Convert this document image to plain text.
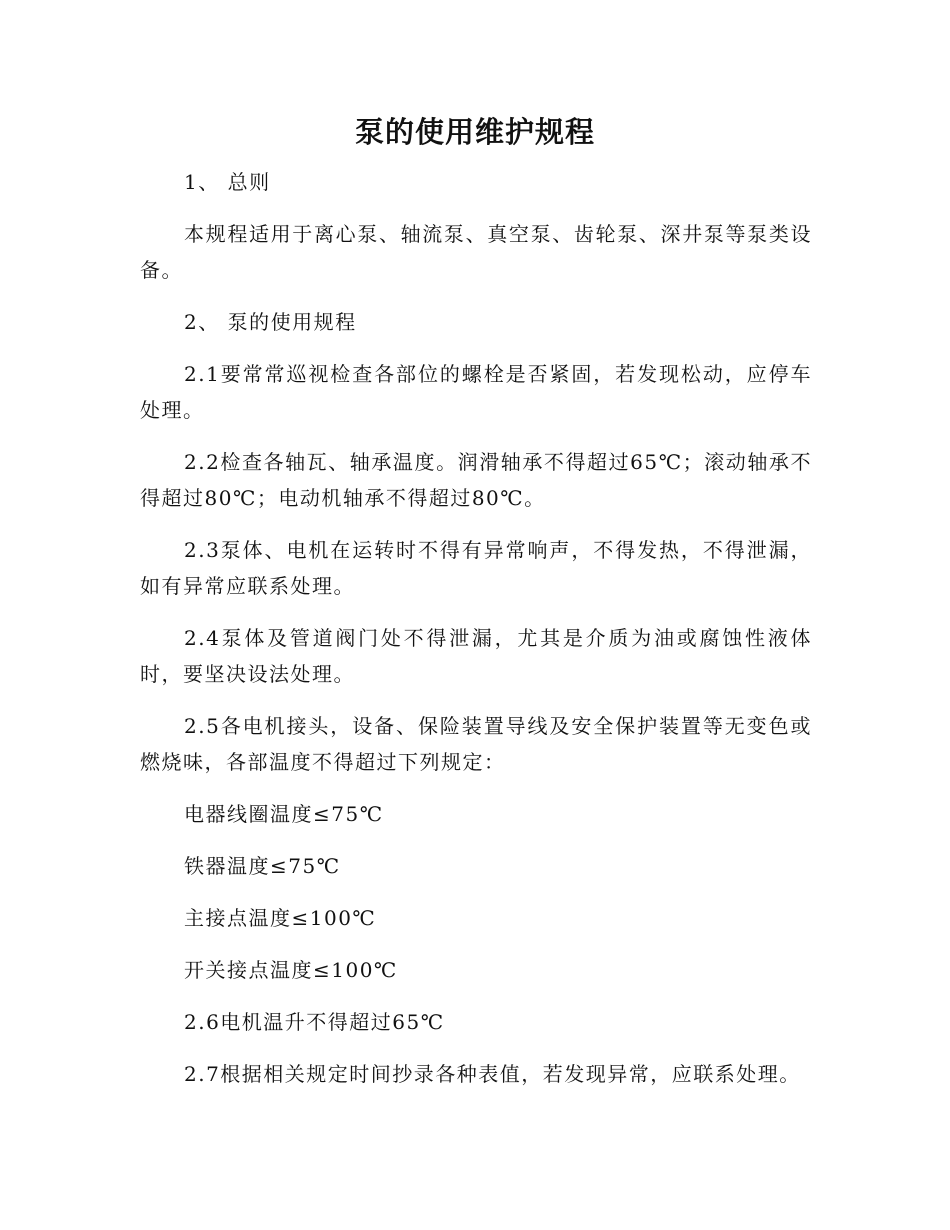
泵的使用维护规程

1、 总则

本规程适用于离心泵、轴流泵、真空泵、齿轮泵、深井泵等泵类设备。

2、 泵的使用规程

2.1要常常巡视检查各部位的螺栓是否紧固，若发现松动，应停车处理。

2.2检查各轴瓦、轴承温度。润滑轴承不得超过65℃；滚动轴承不得超过80℃；电动机轴承不得超过80℃。

2.3泵体、电机在运转时不得有异常响声，不得发热，不得泄漏，如有异常应联系处理。

2.4泵体及管道阀门处不得泄漏，尤其是介质为油或腐蚀性液体时，要坚决设法处理。

2.5各电机接头，设备、保险装置导线及安全保护装置等无变色或燃烧味，各部温度不得超过下列规定：

电器线圈温度≤75℃

铁器温度≤75℃

主接点温度≤100℃

开关接点温度≤100℃

2.6电机温升不得超过65℃

2.7根据相关规定时间抄录各种表值，若发现异常，应联系处理。
